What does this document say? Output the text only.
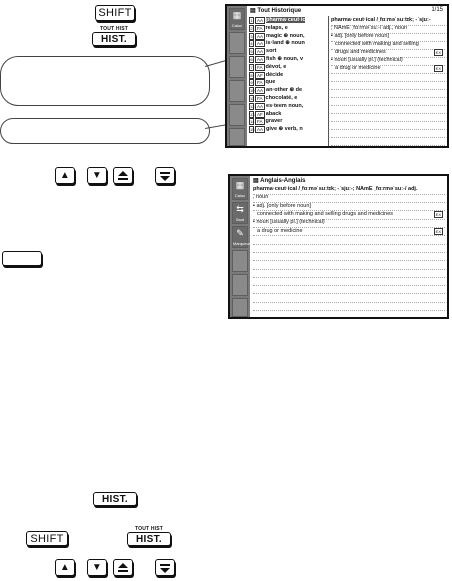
SHIFT
TOUT HIST
HIST.
▲	▼
▦
Caluc
▤ Tout Historique	1/15
1 AA pharma·ceut·ic
2 FA relaps, e
3 AA magic ⊕ noun,
4 AA is·land ⊕ noun
5 AA sort
6 AA fish ⊕ noun, v
7 FA dévot, e
8 AF décide
9 FA que
10 AA an·other ⊕ de
11 FA chocolaté, e
12 AA es·teem noun,
13 AF aback
14 FA graver
15 AA give ⊕ verb, n
pharma·ceut·ical /ˌfɑːməˈsuːtɪk; -ˈsjuː-
; NAmE ˌfɑːrməˈsuː-/ adj., noun
▪ adj. [only before noun]
connected with making and selling
drugs and medicines	EX
▪ noun [usually pl.] (technical)
a drug or medicine	EX
▦
Caluc
⇆
Saut
✎
Marqueur
▤ Anglais-Anglais
pharma·ceut·ical /ˌfɑːməˈsuːtɪk; -ˈsjuː-; NAmE ˌfɑːrməˈsuː-/ adj.
, noun
▪ adj. [only before noun]
connected with making and selling drugs and medicines	EX
▪ noun [usually pl.] (technical)
a drug or medicine	EX
HIST.
SHIFT
TOUT HIST
HIST.
▲	▼
